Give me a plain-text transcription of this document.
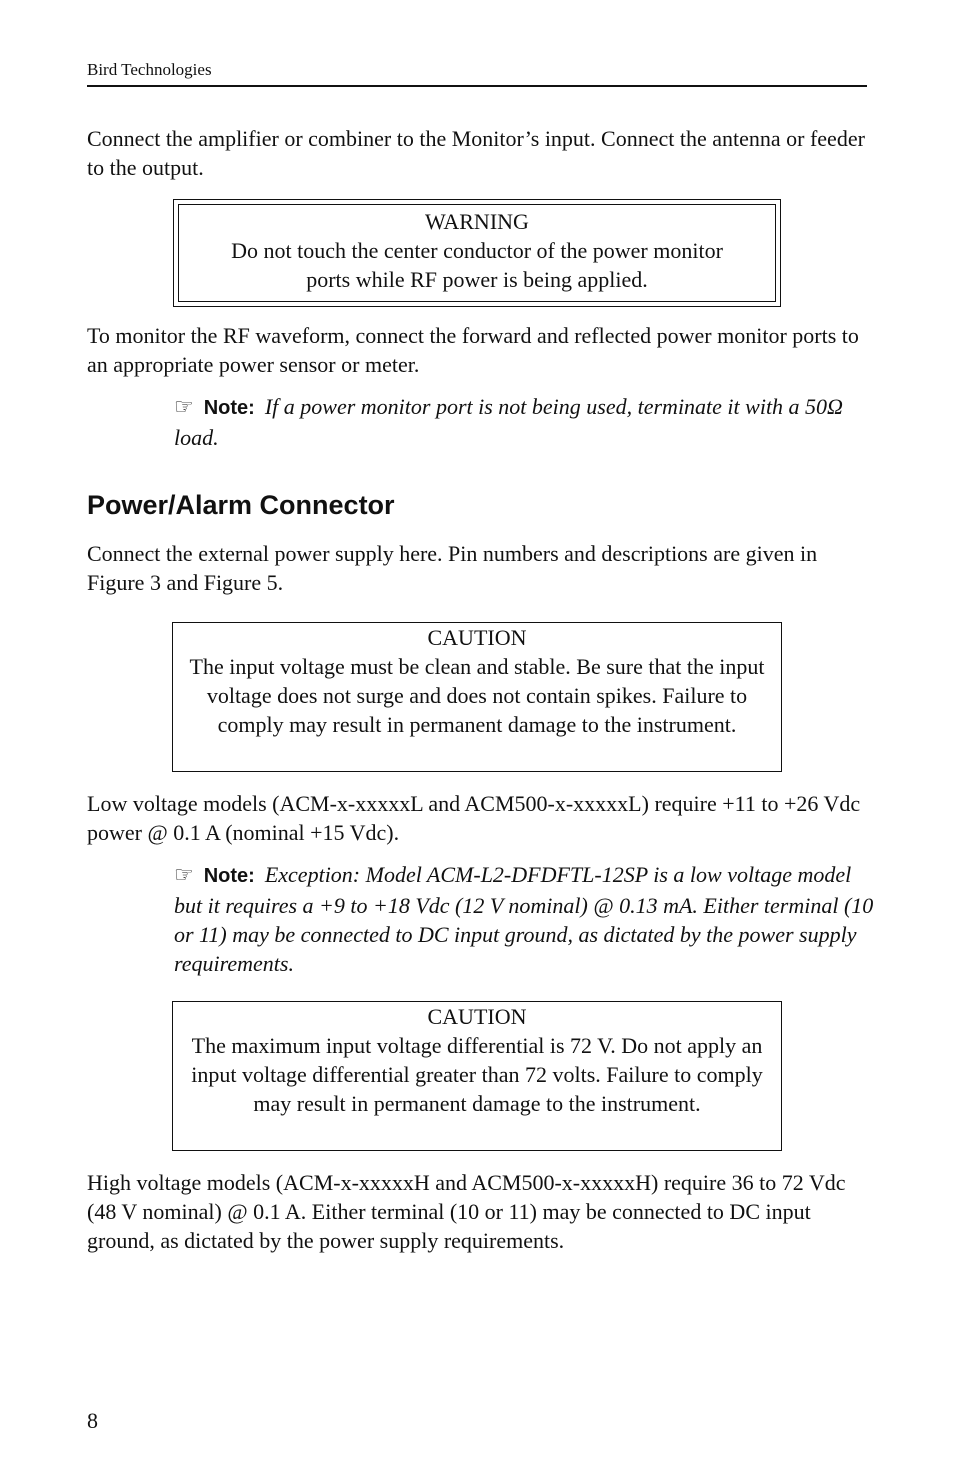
Bird Technologies
Connect the amplifier or combiner to the Monitor’s input. Connect the antenna or feeder to the output.
WARNING
Do not touch the center conductor of the power monitor ports while RF power is being applied.
To monitor the RF waveform, connect the forward and reflected power monitor ports to an appropriate power sensor or meter.
☞ Note: If a power monitor port is not being used, terminate it with a 50Ω load.
Power/Alarm Connector
Connect the external power supply here. Pin numbers and descriptions are given in Figure 3 and Figure 5.
CAUTION
The input voltage must be clean and stable. Be sure that the input voltage does not surge and does not contain spikes. Failure to comply may result in permanent damage to the instrument.
Low voltage models (ACM-x-xxxxxL and ACM500-x-xxxxxL) require +11 to +26 Vdc power @ 0.1 A (nominal +15 Vdc).
☞ Note: Exception: Model ACM-L2-DFDFTL-12SP is a low voltage model but it requires a +9 to +18 Vdc (12 V nominal) @ 0.13 mA. Either terminal (10 or 11) may be connected to DC input ground, as dictated by the power supply requirements.
CAUTION
The maximum input voltage differential is 72 V. Do not apply an input voltage differential greater than 72 volts. Failure to comply may result in permanent damage to the instrument.
High voltage models (ACM-x-xxxxxH and ACM500-x-xxxxxH) require 36 to 72 Vdc (48 V nominal) @ 0.1 A. Either terminal (10 or 11) may be connected to DC input ground, as dictated by the power supply requirements.
8
